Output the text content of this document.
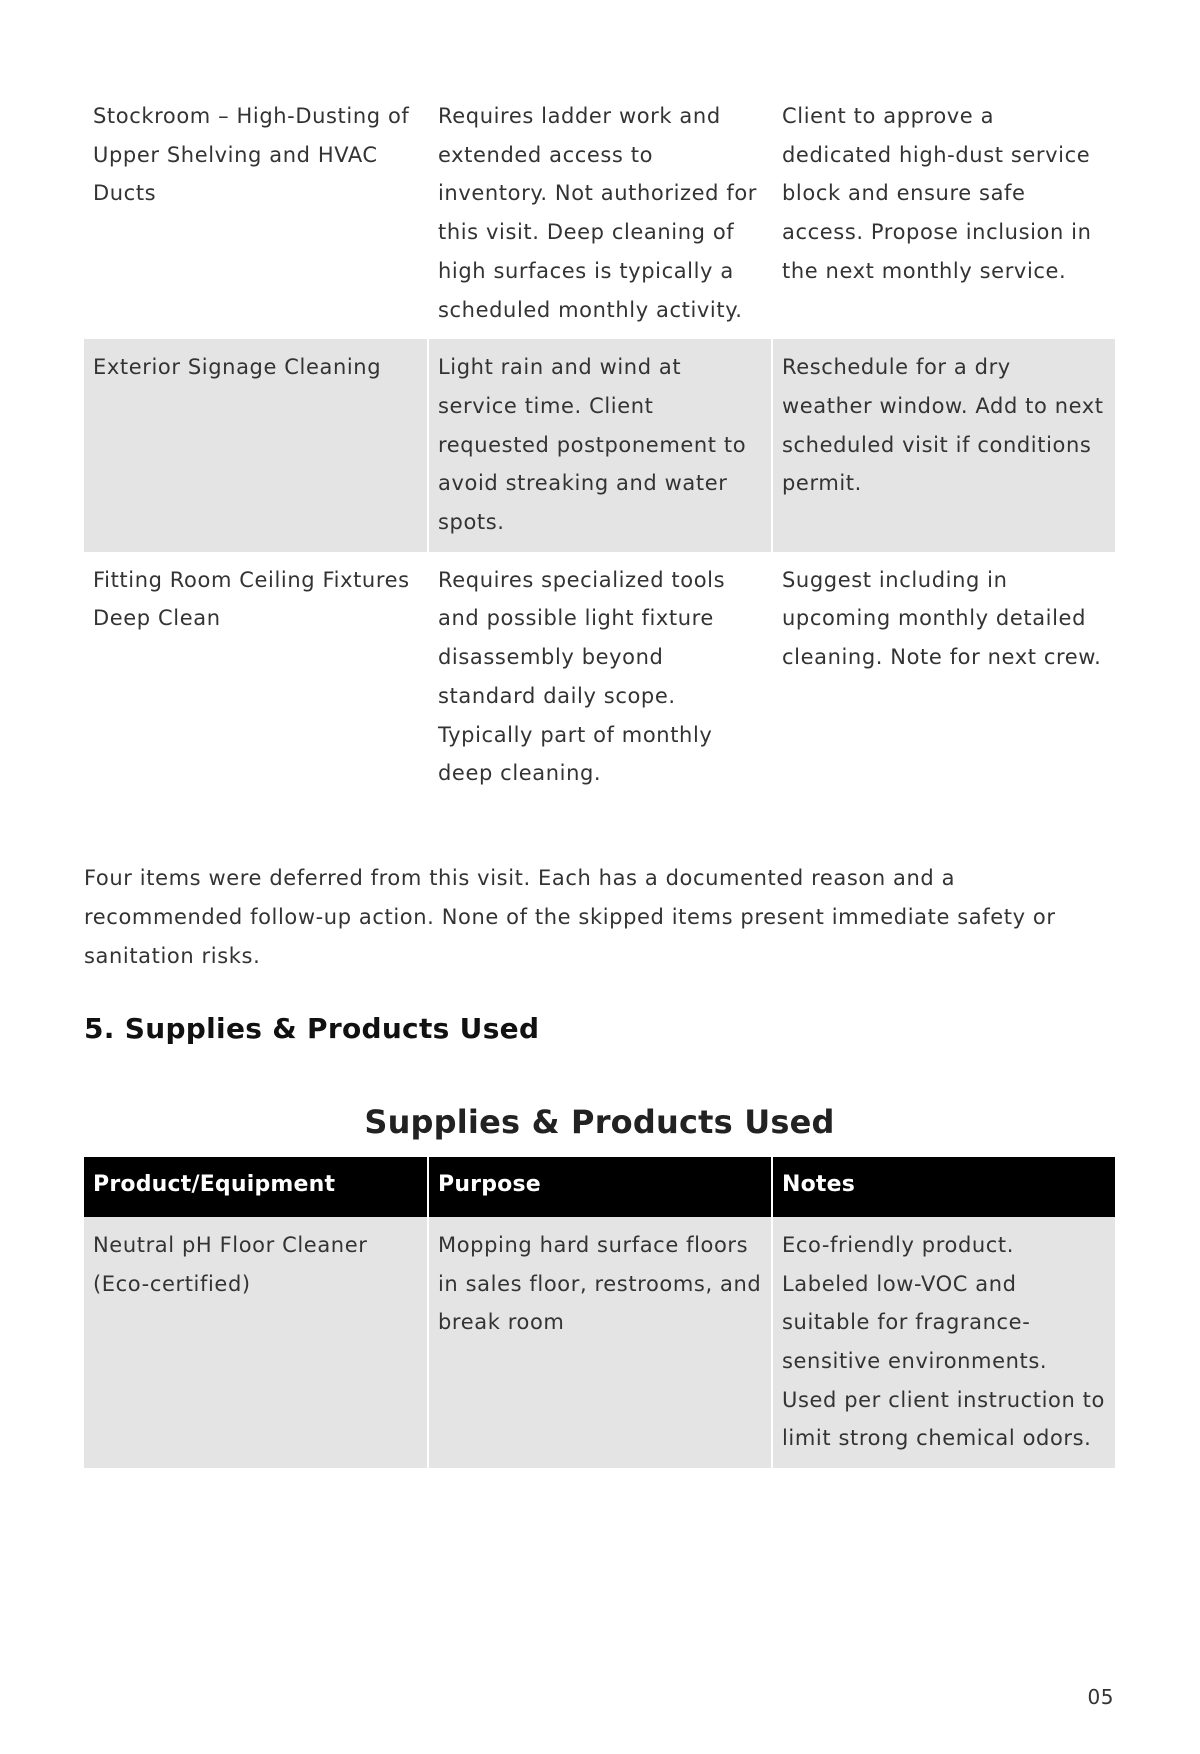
Stockroom – High-Dusting of Upper Shelving and HVAC Ducts	Requires ladder work and extended access to inventory. Not authorized for this visit. Deep cleaning of high surfaces is typically a scheduled monthly activity.	Client to approve a dedicated high-dust service block and ensure safe access. Propose inclusion in the next monthly service.
Exterior Signage Cleaning	Light rain and wind at service time. Client requested postponement to avoid streaking and water spots.	Reschedule for a dry weather window. Add to next scheduled visit if conditions permit.
Fitting Room Ceiling Fixtures Deep Clean	Requires specialized tools and possible light fixture disassembly beyond standard daily scope. Typically part of monthly deep cleaning.	Suggest including in upcoming monthly detailed cleaning. Note for next crew.

Four items were deferred from this visit. Each has a documented reason and a recommended follow-up action. None of the skipped items present immediate safety or sanitation risks.

5. Supplies & Products Used
Supplies & Products Used
Product/Equipment	Purpose	Notes
Neutral pH Floor Cleaner (Eco-certified)	Mopping hard surface floors in sales floor, restrooms, and break room	Eco-friendly product. Labeled low-VOC and suitable for fragrance-sensitive environments. Used per client instruction to limit strong chemical odors.
05
